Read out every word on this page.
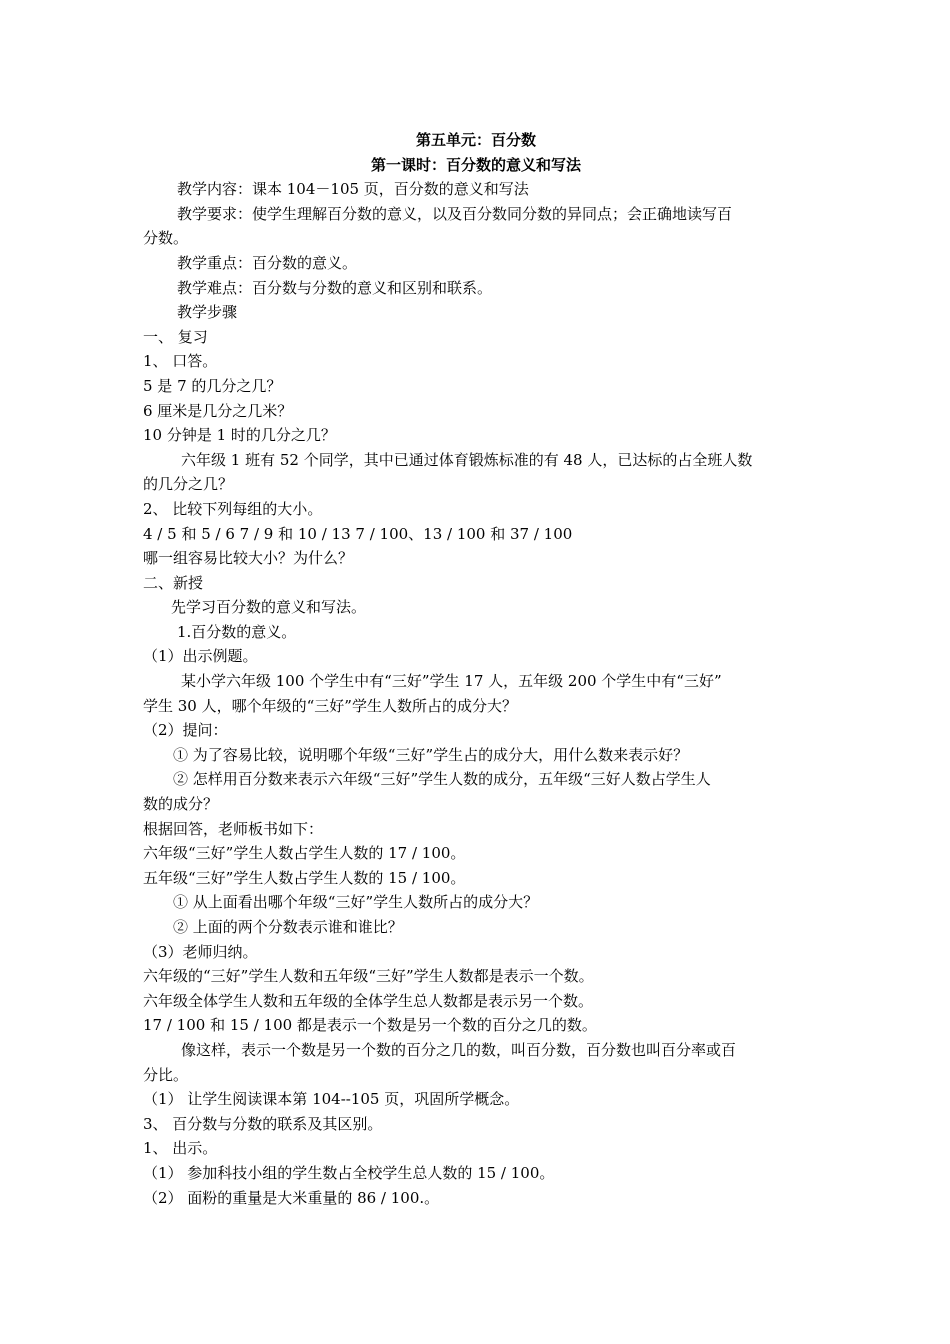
第五单元：百分数
第一课时：百分数的意义和写法
教学内容：课本 104－105 页，百分数的意义和写法
教学要求：使学生理解百分数的意义，以及百分数同分数的异同点；会正确地读写百
分数。
教学重点：百分数的意义。
教学难点：百分数与分数的意义和区别和联系。
教学步骤
一、 复习
1、 口答。
5 是 7 的几分之几？
6 厘米是几分之几米？
10 分钟是 1 时的几分之几？
六年级 1 班有 52 个同学，其中已通过体育锻炼标准的有 48 人，已达标的占全班人数
的几分之几？
2、 比较下列每组的大小。
4 / 5 和 5 / 6 7 / 9 和 10 / 13 7 / 100、13 / 100 和 37 / 100
哪一组容易比较大小？为什么？
二、新授
先学习百分数的意义和写法。
1.百分数的意义。
（1）出示例题。
某小学六年级 100 个学生中有“三好”学生 17 人，五年级 200 个学生中有“三好”
学生 30 人，哪个年级的“三好”学生人数所占的成分大？
（2）提问：
① 为了容易比较，说明哪个年级“三好”学生占的成分大，用什么数来表示好？
② 怎样用百分数来表示六年级“三好”学生人数的成分，五年级“三好人数占学生人
数的成分？
根据回答，老师板书如下：
六年级“三好”学生人数占学生人数的 17 / 100。
五年级“三好”学生人数占学生人数的 15 / 100。
① 从上面看出哪个年级“三好”学生人数所占的成分大？
② 上面的两个分数表示谁和谁比？
（3）老师归纳。
六年级的“三好”学生人数和五年级“三好”学生人数都是表示一个数。
六年级全体学生人数和五年级的全体学生总人数都是表示另一个数。
17 / 100 和 15 / 100 都是表示一个数是另一个数的百分之几的数。
像这样，表示一个数是另一个数的百分之几的数，叫百分数，百分数也叫百分率或百
分比。
（1） 让学生阅读课本第 104--105 页，巩固所学概念。
3、 百分数与分数的联系及其区别。
1、 出示。
（1） 参加科技小组的学生数占全校学生总人数的 15 / 100。
（2） 面粉的重量是大米重量的 86 / 100.。
